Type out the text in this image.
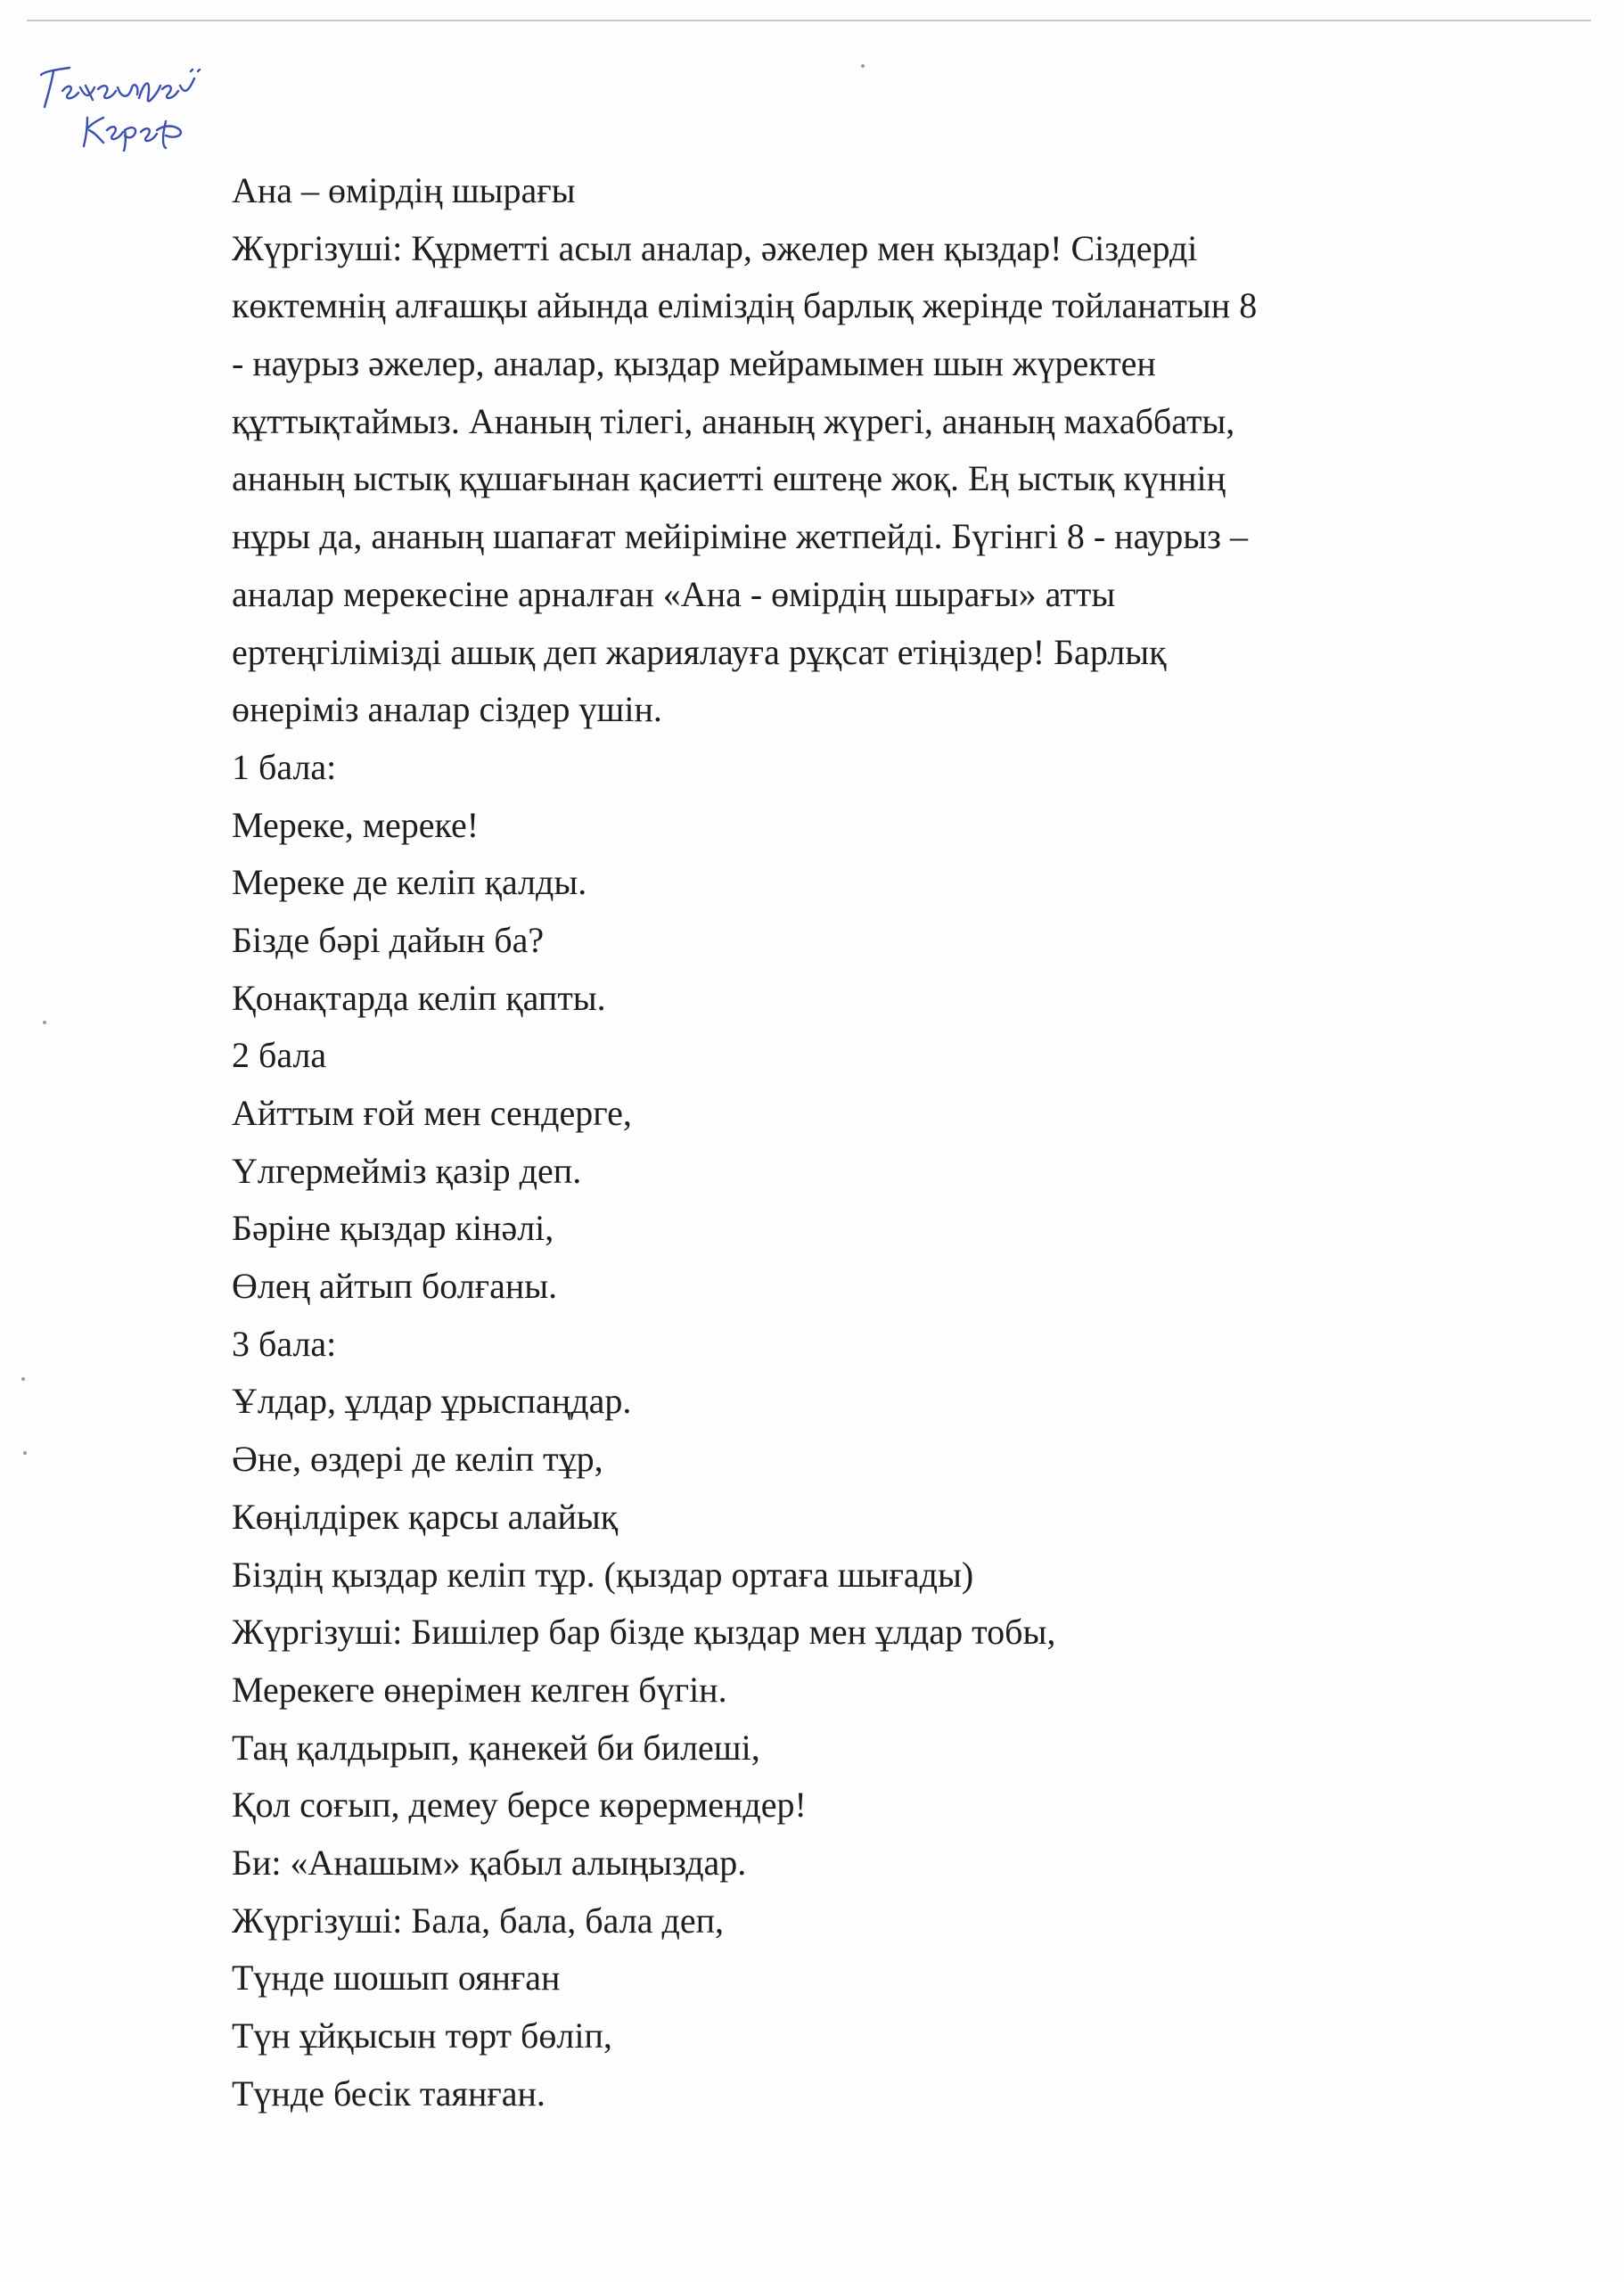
Ана – өмірдің шырағы
Жүргізуші: Құрметті асыл аналар, әжелер мен қыздар! Сіздерді
көктемнің алғашқы айында еліміздің барлық жерінде тойланатын 8
- наурыз әжелер, аналар, қыздар мейрамымен шын жүректен
құттықтаймыз. Ананың тілегі, ананың жүрегі, ананың махаббаты,
ананың ыстық құшағынан қасиетті ештеңе жоқ. Ең ыстық күннің
нұры да, ананың шапағат мейіріміне жетпейді. Бүгінгі 8 - наурыз –
аналар мерекесіне арналған «Ана - өмірдің шырағы» атты
ертеңгілімізді ашық деп жариялауға рұқсат етіңіздер! Барлық
өнеріміз аналар сіздер үшін.
1 бала:
Мереке, мереке!
Мереке де келіп қалды.
Бізде бәрі дайын ба?
Қонақтарда келіп қапты.
2 бала
Айттым ғой мен сендерге,
Үлгермейміз қазір деп.
Бәріне қыздар кінәлі,
Өлең айтып болғаны.
3 бала:
Ұлдар, ұлдар ұрыспаңдар.
Әне, өздері де келіп тұр,
Көңілдірек қарсы алайық
Біздің қыздар келіп тұр. (қыздар ортаға шығады)
Жүргізуші: Бишілер бар бізде қыздар мен ұлдар тобы,
Мерекеге өнерімен келген бүгін.
Таң қалдырып, қанекей би билеші,
Қол соғып, демеу берсе көрермендер!
Би: «Анашым» қабыл алыңыздар.
Жүргізуші: Бала, бала, бала деп,
Түнде шошып оянған
Түн ұйқысын төрт бөліп,
Түнде бесік таянған.
